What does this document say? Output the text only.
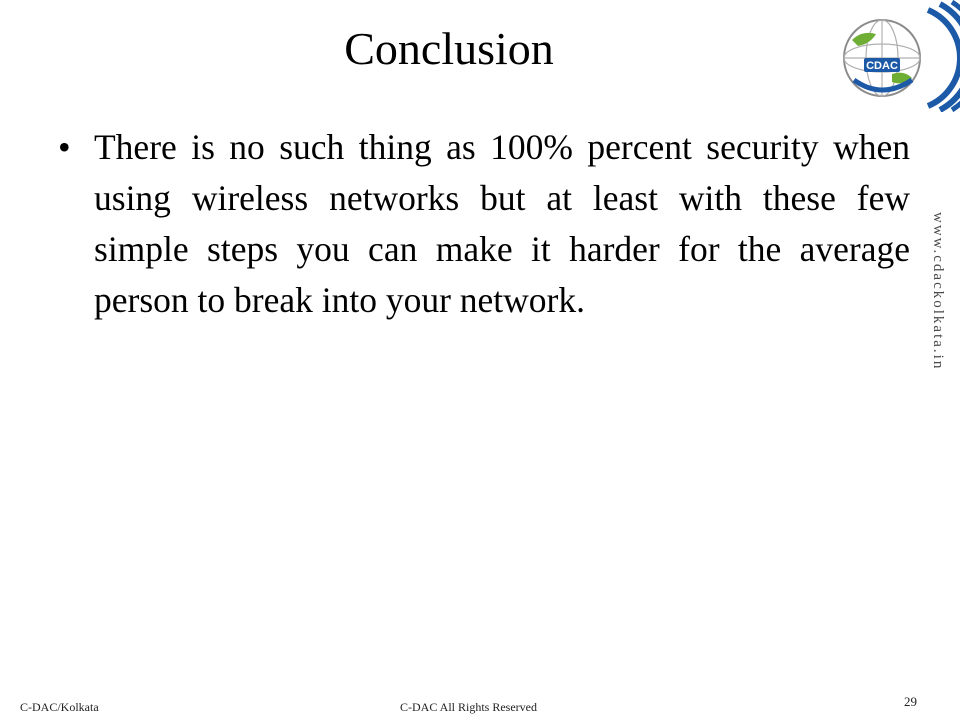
Conclusion	CDAC
• There is no such thing as 100% percent security when using wireless networks but at least with these few simple steps you can make it harder for the average person to break into your network.	www.cdackolkata.in
C-DAC/Kolkata	C-DAC All Rights Reserved	29
